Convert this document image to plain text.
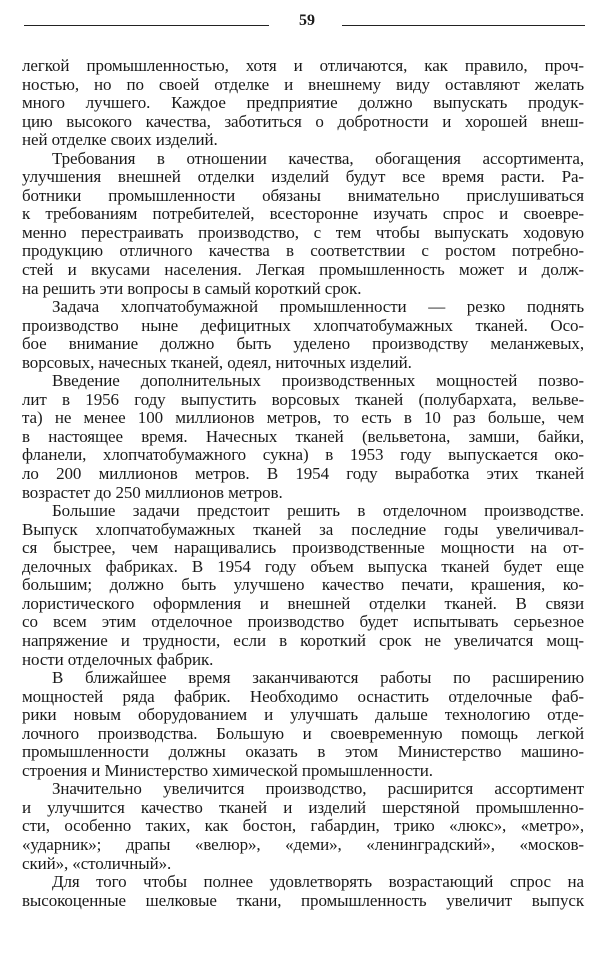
59
легкой промышленностью, хотя и отличаются, как правило, проч-
ностью, но по своей отделке и внешнему виду оставляют желать
много лучшего. Каждое предприятие должно выпускать продук-
цию высокого качества, заботиться о добротности и хорошей внеш-
ней отделке своих изделий.
Требования в отношении качества, обогащения ассортимента,
улучшения внешней отделки изделий будут все время расти. Ра-
ботники промышленности обязаны внимательно прислушиваться
к требованиям потребителей, всесторонне изучать спрос и своевре-
менно перестраивать производство, с тем чтобы выпускать ходовую
продукцию отличного качества в соответствии с ростом потребно-
стей и вкусами населения. Легкая промышленность может и долж-
на решить эти вопросы в самый короткий срок.
Задача хлопчатобумажной промышленности — резко поднять
производство ныне дефицитных хлопчатобумажных тканей. Осо-
бое внимание должно быть уделено производству меланжевых,
ворсовых, начесных тканей, одеял, ниточных изделий.
Введение дополнительных производственных мощностей позво-
лит в 1956 году выпустить ворсовых тканей (полубархата, вельве-
та) не менее 100 миллионов метров, то есть в 10 раз больше, чем
в настоящее время. Начесных тканей (вельветона, замши, байки,
фланели, хлопчатобумажного сукна) в 1953 году выпускается око-
ло 200 миллионов метров. В 1954 году выработка этих тканей
возрастет до 250 миллионов метров.
Большие задачи предстоит решить в отделочном производстве.
Выпуск хлопчатобумажных тканей за последние годы увеличивал-
ся быстрее, чем наращивались производственные мощности на от-
делочных фабриках. В 1954 году объем выпуска тканей будет еще
большим; должно быть улучшено качество печати, крашения, ко-
лористического оформления и внешней отделки тканей. В связи
со всем этим отделочное производство будет испытывать серьезное
напряжение и трудности, если в короткий срок не увеличатся мощ-
ности отделочных фабрик.
В ближайшее время заканчиваются работы по расширению
мощностей ряда фабрик. Необходимо оснастить отделочные фаб-
рики новым оборудованием и улучшать дальше технологию отде-
лочного производства. Большую и своевременную помощь легкой
промышленности должны оказать в этом Министерство машино-
строения и Министерство химической промышленности.
Значительно увеличится производство, расширится ассортимент
и улучшится качество тканей и изделий шерстяной промышленно-
сти, особенно таких, как бостон, габардин, трико «люкс», «метро»,
«ударник»; драпы «велюр», «деми», «ленинградский», «москов-
ский», «столичный».
Для того чтобы полнее удовлетворять возрастающий спрос на
высокоценные шелковые ткани, промышленность увеличит выпуск
